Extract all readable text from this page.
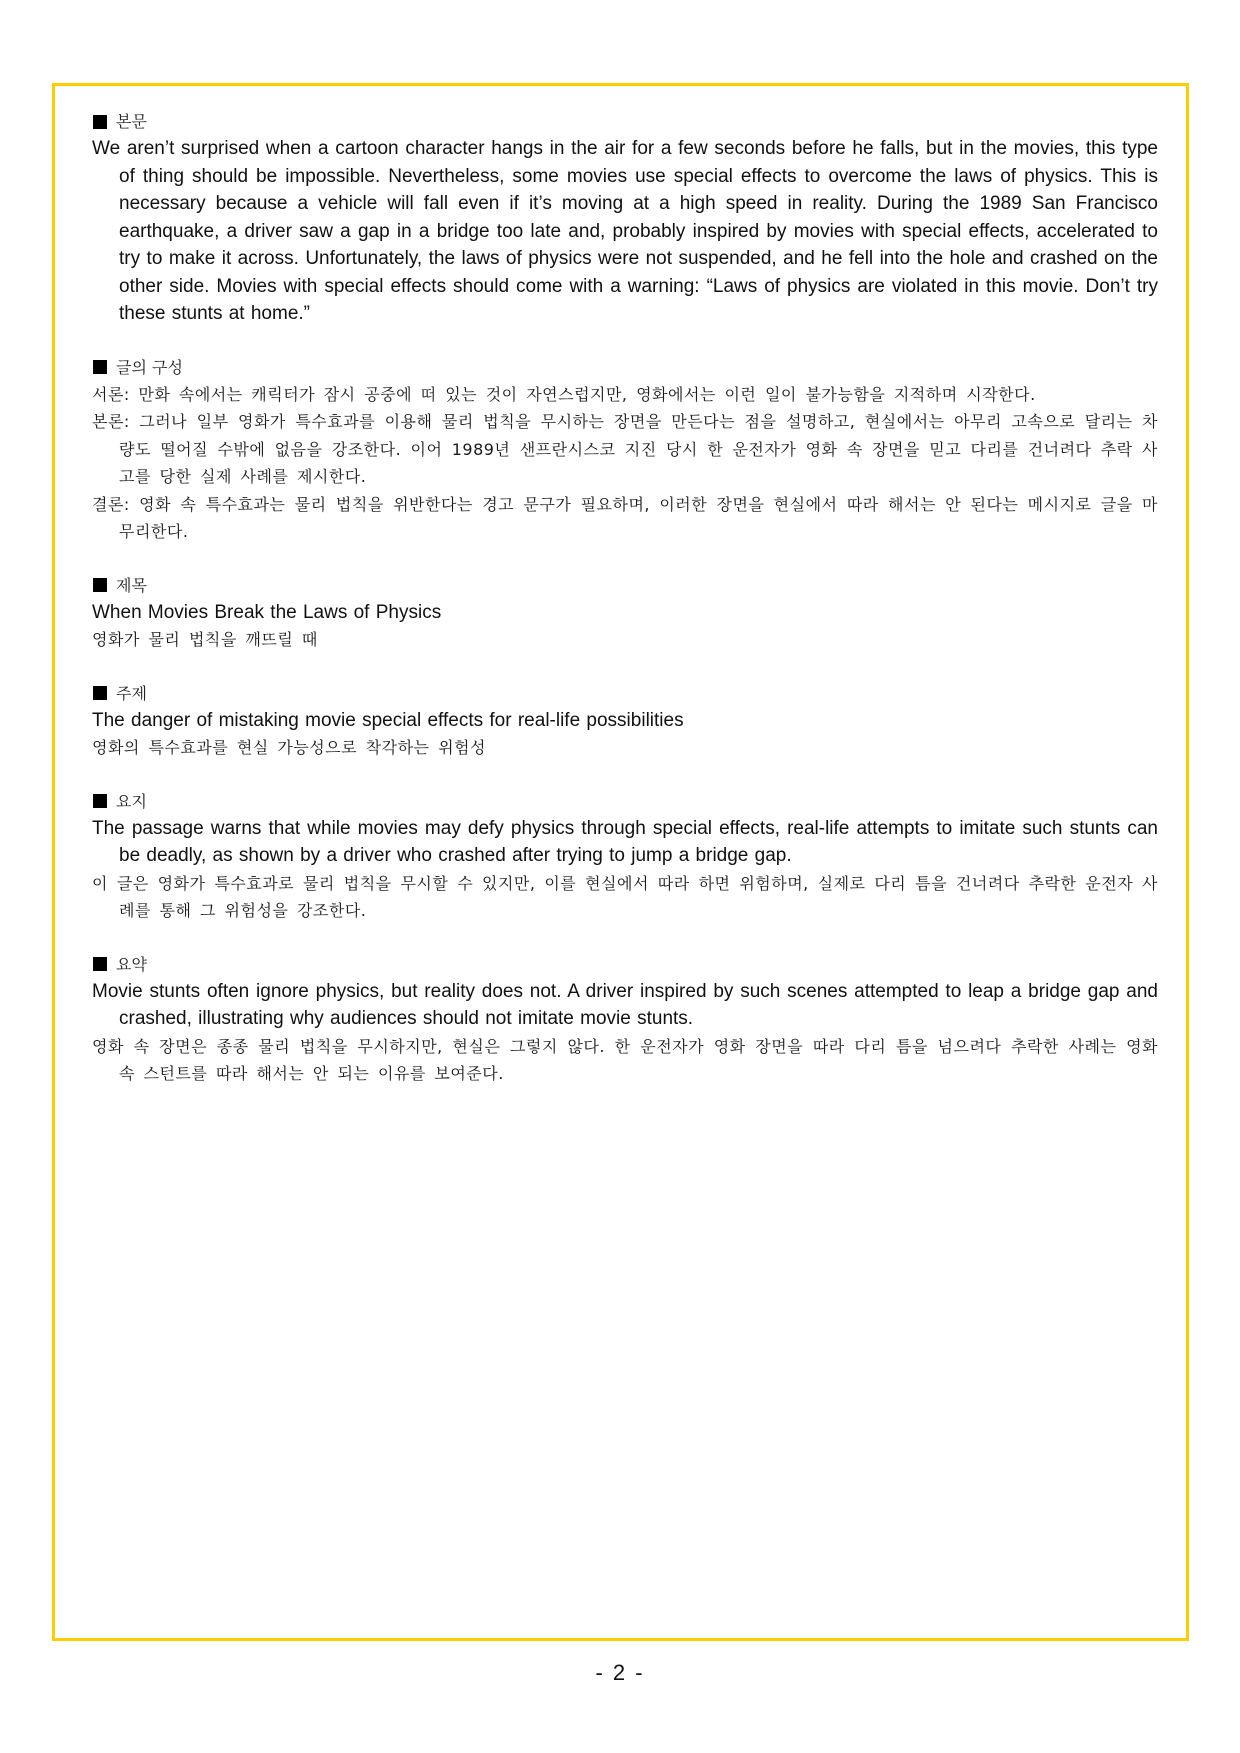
본문

We aren’t surprised when a cartoon character hangs in the air for a few seconds before he falls, but in the movies, this type of thing should be impossible. Nevertheless, some movies use special effects to overcome the laws of physics. This is necessary because a vehicle will fall even if it’s moving at a high speed in reality. During the 1989 San Francisco earthquake, a driver saw a gap in a bridge too late and, probably inspired by movies with special effects, accelerated to try to make it across. Unfortunately, the laws of physics were not suspended, and he fell into the hole and crashed on the other side. Movies with special effects should come with a warning: “Laws of physics are violated in this movie. Don’t try these stunts at home.”

글의 구성

서론: 만화 속에서는 캐릭터가 잠시 공중에 떠 있는 것이 자연스럽지만, 영화에서는 이런 일이 불가능함을 지적하며 시작한다.

본론: 그러나 일부 영화가 특수효과를 이용해 물리 법칙을 무시하는 장면을 만든다는 점을 설명하고, 현실에서는 아무리 고속으로 달리는 차량도 떨어질 수밖에 없음을 강조한다. 이어 1989년 샌프란시스코 지진 당시 한 운전자가 영화 속 장면을 믿고 다리를 건너려다 추락 사고를 당한 실제 사례를 제시한다.

결론: 영화 속 특수효과는 물리 법칙을 위반한다는 경고 문구가 필요하며, 이러한 장면을 현실에서 따라 해서는 안 된다는 메시지로 글을 마무리한다.

제목

When Movies Break the Laws of Physics

영화가 물리 법칙을 깨뜨릴 때

주제

The danger of mistaking movie special effects for real-life possibilities

영화의 특수효과를 현실 가능성으로 착각하는 위험성

요지

The passage warns that while movies may defy physics through special effects, real-life attempts to imitate such stunts can be deadly, as shown by a driver who crashed after trying to jump a bridge gap.

이 글은 영화가 특수효과로 물리 법칙을 무시할 수 있지만, 이를 현실에서 따라 하면 위험하며, 실제로 다리 틈을 건너려다 추락한 운전자 사례를 통해 그 위험성을 강조한다.

요약

Movie stunts often ignore physics, but reality does not. A driver inspired by such scenes attempted to leap a bridge gap and crashed, illustrating why audiences should not imitate movie stunts.

영화 속 장면은 종종 물리 법칙을 무시하지만, 현실은 그렇지 않다. 한 운전자가 영화 장면을 따라 다리 틈을 넘으려다 추락한 사례는 영화 속 스턴트를 따라 해서는 안 되는 이유를 보여준다.

- 2 -
